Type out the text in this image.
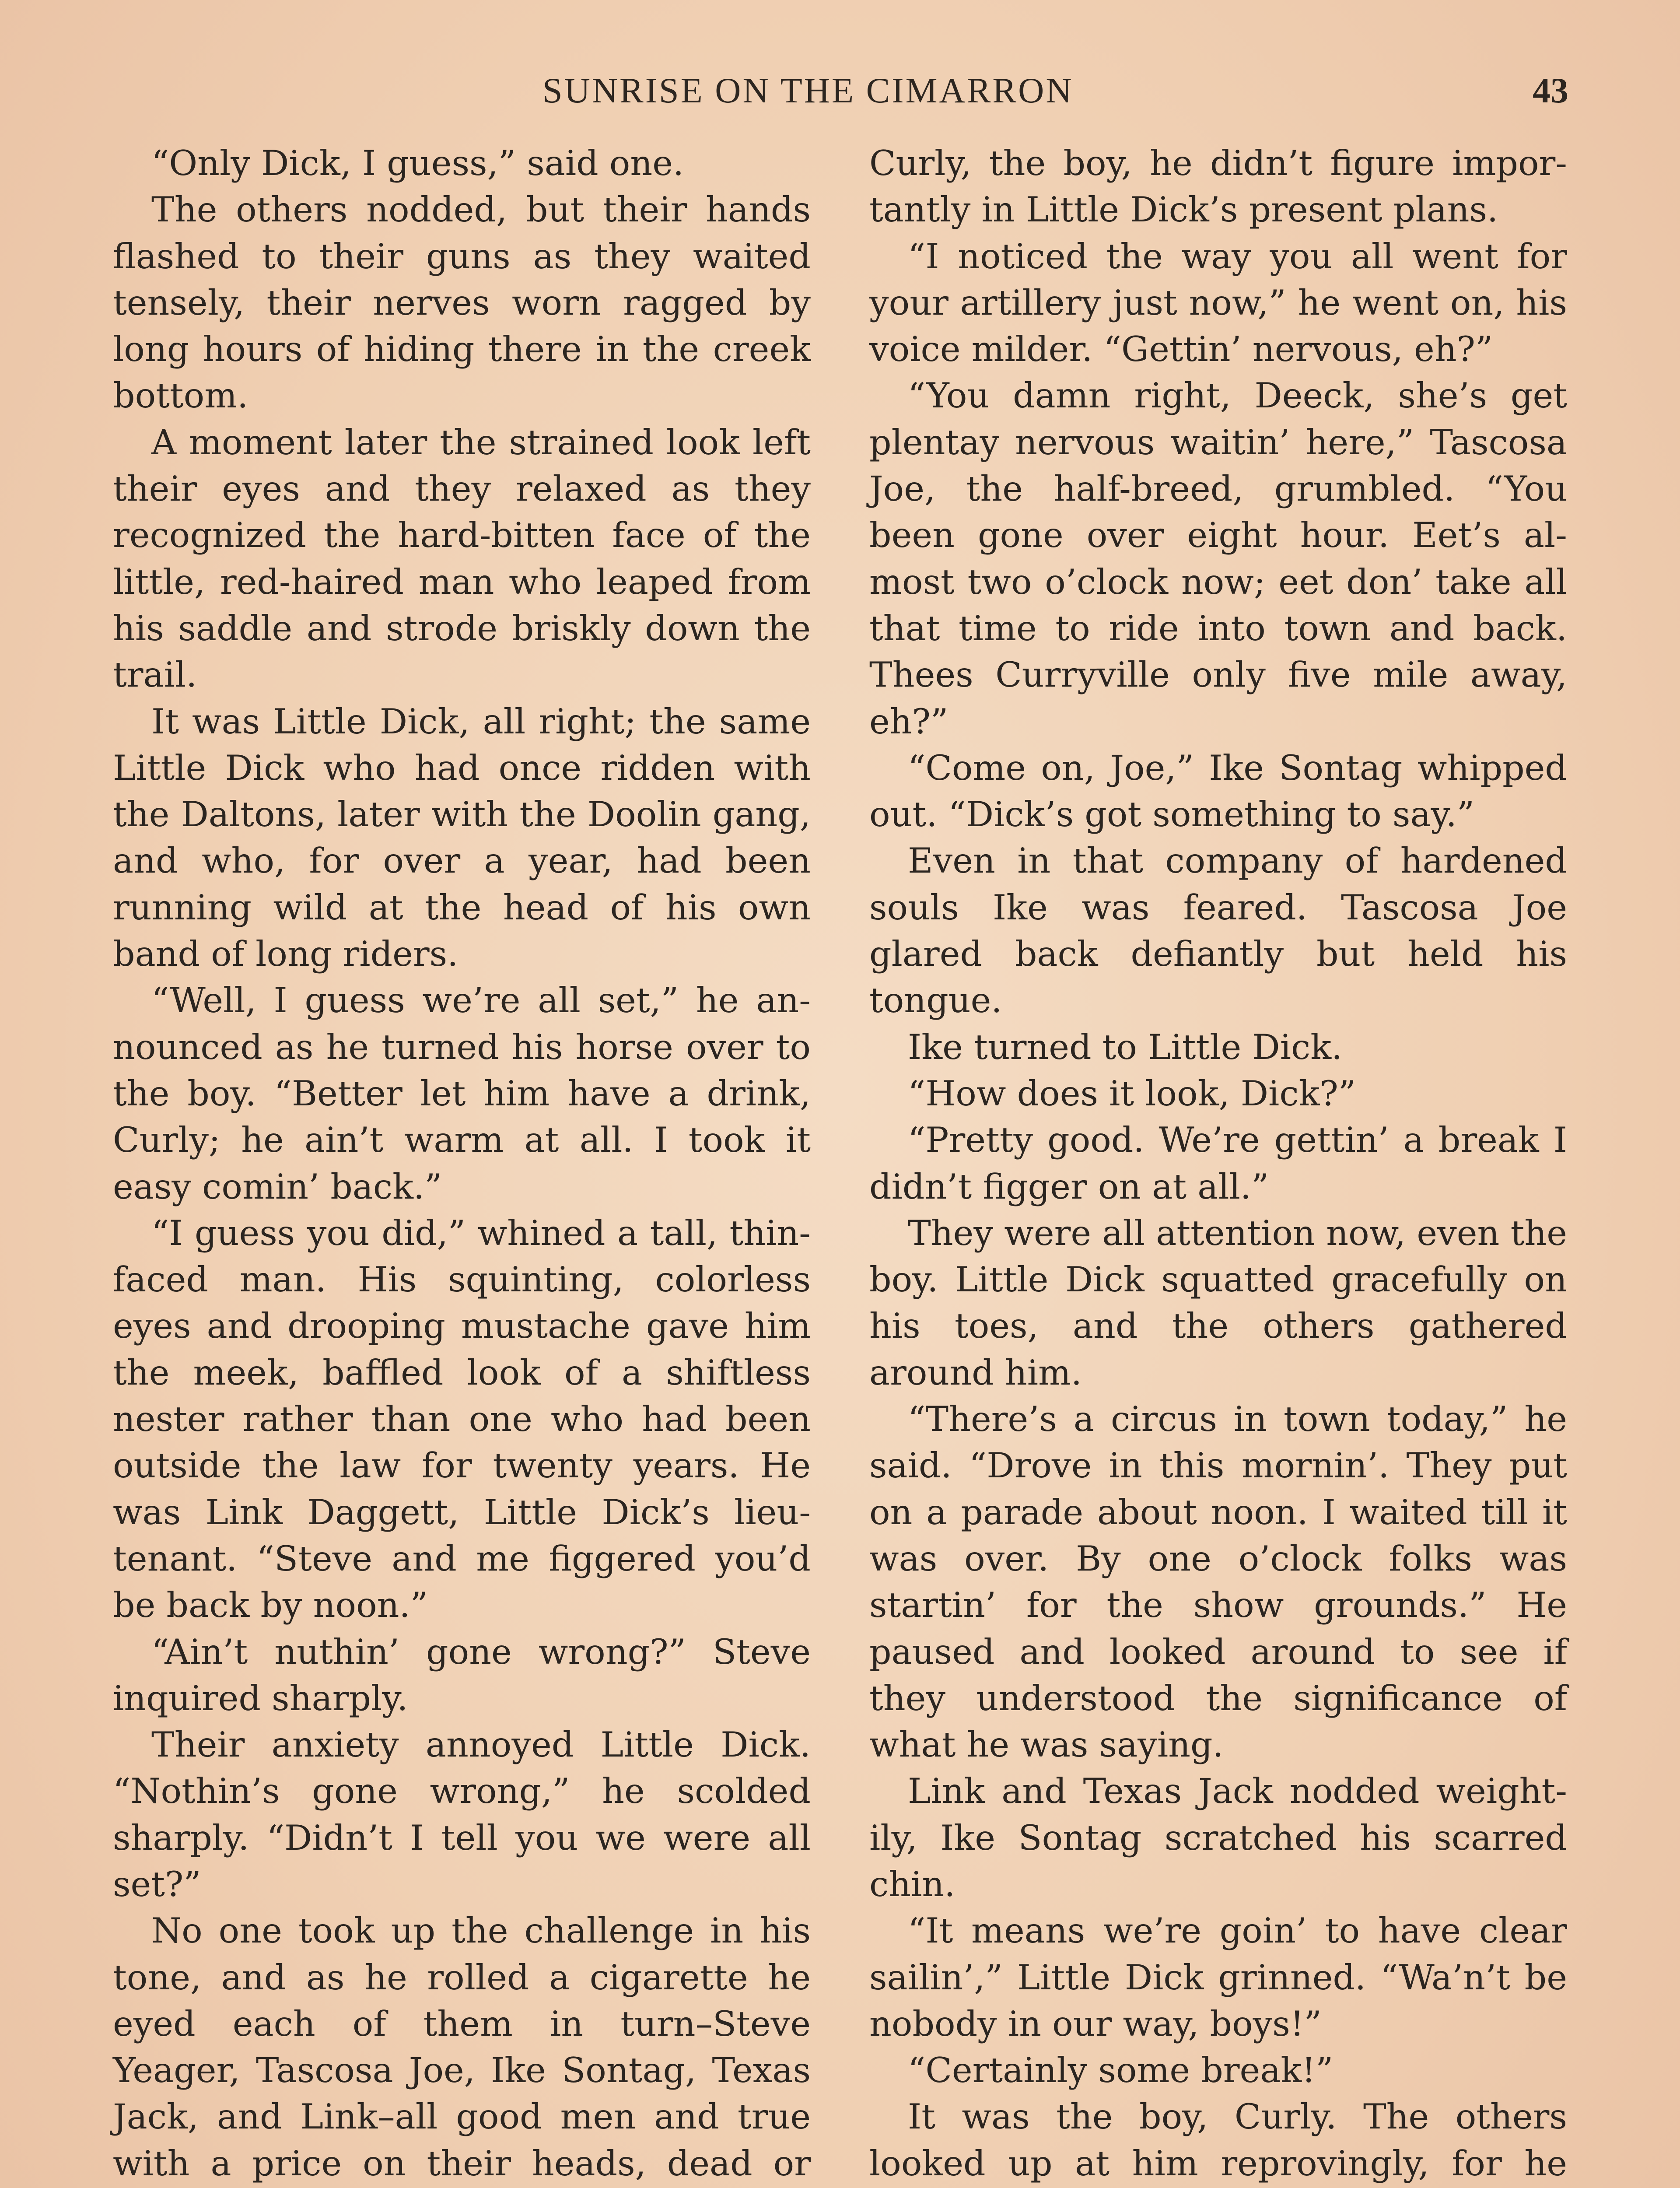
SUNRISE ON THE CIMARRON	43

“Only Dick, I guess,” said one.

The others nodded, but their hands flashed to their guns as they waited tensely, their nerves worn ragged by long hours of hiding there in the creek bottom.

A moment later the strained look left their eyes and they relaxed as they recognized the hard-bitten face of the little, red-haired man who leaped from his saddle and strode briskly down the trail.

It was Little Dick, all right; the same Little Dick who had once ridden with the Daltons, later with the Doolin gang, and who, for over a year, had been running wild at the head of his own band of long riders.

“Well, I guess we’re all set,” he announced as he turned his horse over to the boy. “Better let him have a drink, Curly; he ain’t warm at all. I took it easy comin’ back.”

“I guess you did,” whined a tall, thin-faced man. His squinting, colorless eyes and drooping mustache gave him the meek, baffled look of a shiftless nester rather than one who had been outside the law for twenty years. He was Link Daggett, Little Dick’s lieutenant. “Steve and me figgered you’d be back by noon.”

“Ain’t nuthin’ gone wrong?” Steve inquired sharply.

Their anxiety annoyed Little Dick. “Nothin’s gone wrong,” he scolded sharply. “Didn’t I tell you we were all set?”

No one took up the challenge in his tone, and as he rolled a cigarette he eyed each of them in turn–Steve Yeager, Tascosa Joe, Ike Sontag, Texas Jack, and Link–all good men and true with a price on their heads, dead or

Curly, the boy, he didn’t figure importantly in Little Dick’s present plans.

“I noticed the way you all went for your artillery just now,” he went on, his voice milder. “Gettin’ nervous, eh?”

“You damn right, Deeck, she’s get plentay nervous waitin’ here,” Tascosa Joe, the half-breed, grumbled. “You been gone over eight hour. Eet’s almost two o’clock now; eet don’ take all that time to ride into town and back. Thees Curryville only five mile away, eh?”

“Come on, Joe,” Ike Sontag whipped out. “Dick’s got something to say.”

Even in that company of hardened souls Ike was feared. Tascosa Joe glared back defiantly but held his tongue.

Ike turned to Little Dick.

“How does it look, Dick?”

“Pretty good. We’re gettin’ a break I didn’t figger on at all.”

They were all attention now, even the boy. Little Dick squatted gracefully on his toes, and the others gathered around him.

“There’s a circus in town today,” he said. “Drove in this mornin’. They put on a parade about noon. I waited till it was over. By one o’clock folks was startin’ for the show grounds.” He paused and looked around to see if they understood the significance of what he was saying.

Link and Texas Jack nodded weightily, Ike Sontag scratched his scarred chin.

“It means we’re goin’ to have clear sailin’,” Little Dick grinned. “Wa’n’t be nobody in our way, boys!”

“Certainly some break!”

It was the boy, Curly. The others looked up at him reprovingly, for he
